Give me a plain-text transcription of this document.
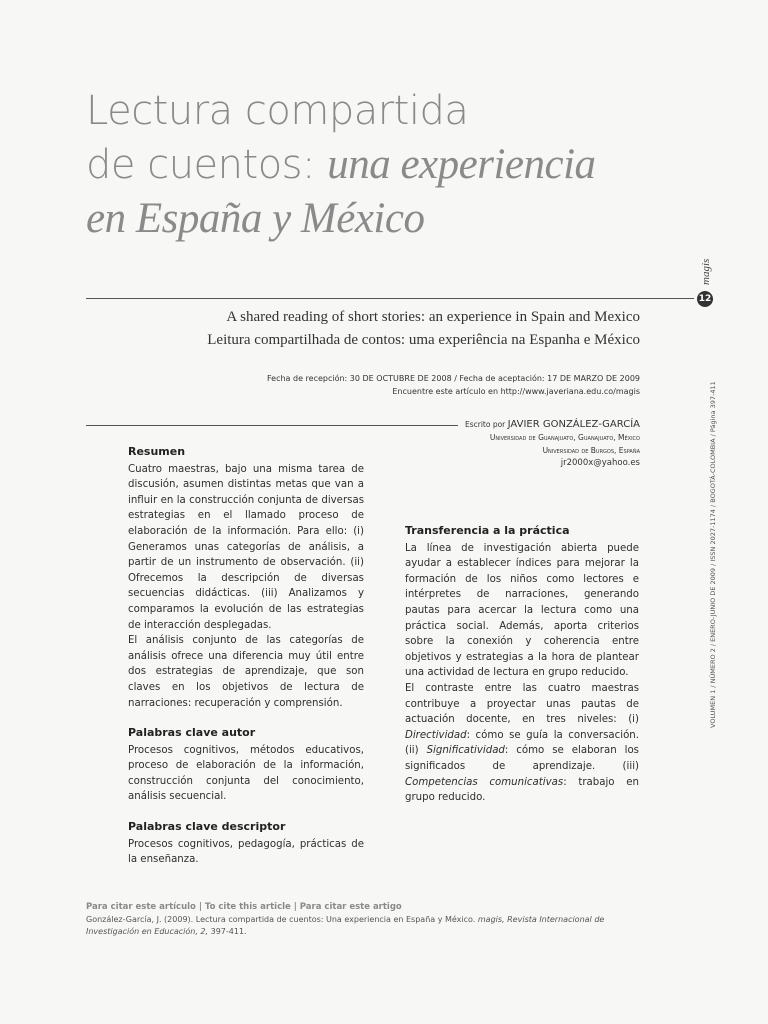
Lectura compartida
de cuentos: una experiencia
en España y México
magis
12
VOLUMEN 1 / NÚMERO 2 / ENERO-JUNIO DE 2009 / ISSN 2027-1174 / BOGOTÁ-COLOMBIA / Página 397-411
A shared reading of short stories: an experience in Spain and Mexico
Leitura compartilhada de contos: uma experiência na Espanha e México
Fecha de recepción: 30 DE OCTUBRE DE 2008 / Fecha de aceptación: 17 DE MARZO DE 2009
Encuentre este artículo en http://www.javeriana.edu.co/magis
Escrito por JAVIER GONZÁLEZ-GARCÍA
Universidad de Guanajuato, Guanajuato, México
Universidad de Burgos, España
jr2000x@yahoo.es
Resumen

Cuatro maestras, bajo una misma tarea de discusión, asumen distintas metas que van a influir en la construcción conjunta de diversas estrategias en el llamado proceso de elaboración de la información. Para ello: (i) Generamos unas categorías de análisis, a partir de un instrumento de observación. (ii) Ofrecemos la descripción de diversas secuencias didácticas. (iii) Analizamos y comparamos la evolución de las estrategias de interacción desplegadas.

El análisis conjunto de las categorías de análisis ofrece una diferencia muy útil entre dos estrategias de aprendizaje, que son claves en los objetivos de lectura de narraciones: recuperación y comprensión.

Palabras clave autor

Procesos cognitivos, métodos educativos, proceso de elaboración de la información, construcción conjunta del conocimiento, análisis secuencial.

Palabras clave descriptor

Procesos cognitivos, pedagogía, prácticas de la enseñanza.

Transferencia a la práctica

La línea de investigación abierta puede ayudar a establecer índices para mejorar la formación de los niños como lectores e intérpretes de narraciones, generando pautas para acercar la lectura como una práctica social. Además, aporta criterios sobre la conexión y coherencia entre objetivos y estrategias a la hora de plantear una actividad de lectura en grupo reducido.

El contraste entre las cuatro maestras contribuye a proyectar unas pautas de actuación docente, en tres niveles: (i) Directividad: cómo se guía la conversación. (ii) Significatividad: cómo se elaboran los significados de aprendizaje. (iii) Competencias comunicativas: trabajo en grupo reducido.

Para citar este artículo | To cite this article | Para citar este artigo
González-García, J. (2009). Lectura compartida de cuentos: Una experiencia en España y México. magis, Revista Internacional de Investigación en Educación, 2, 397-411.
